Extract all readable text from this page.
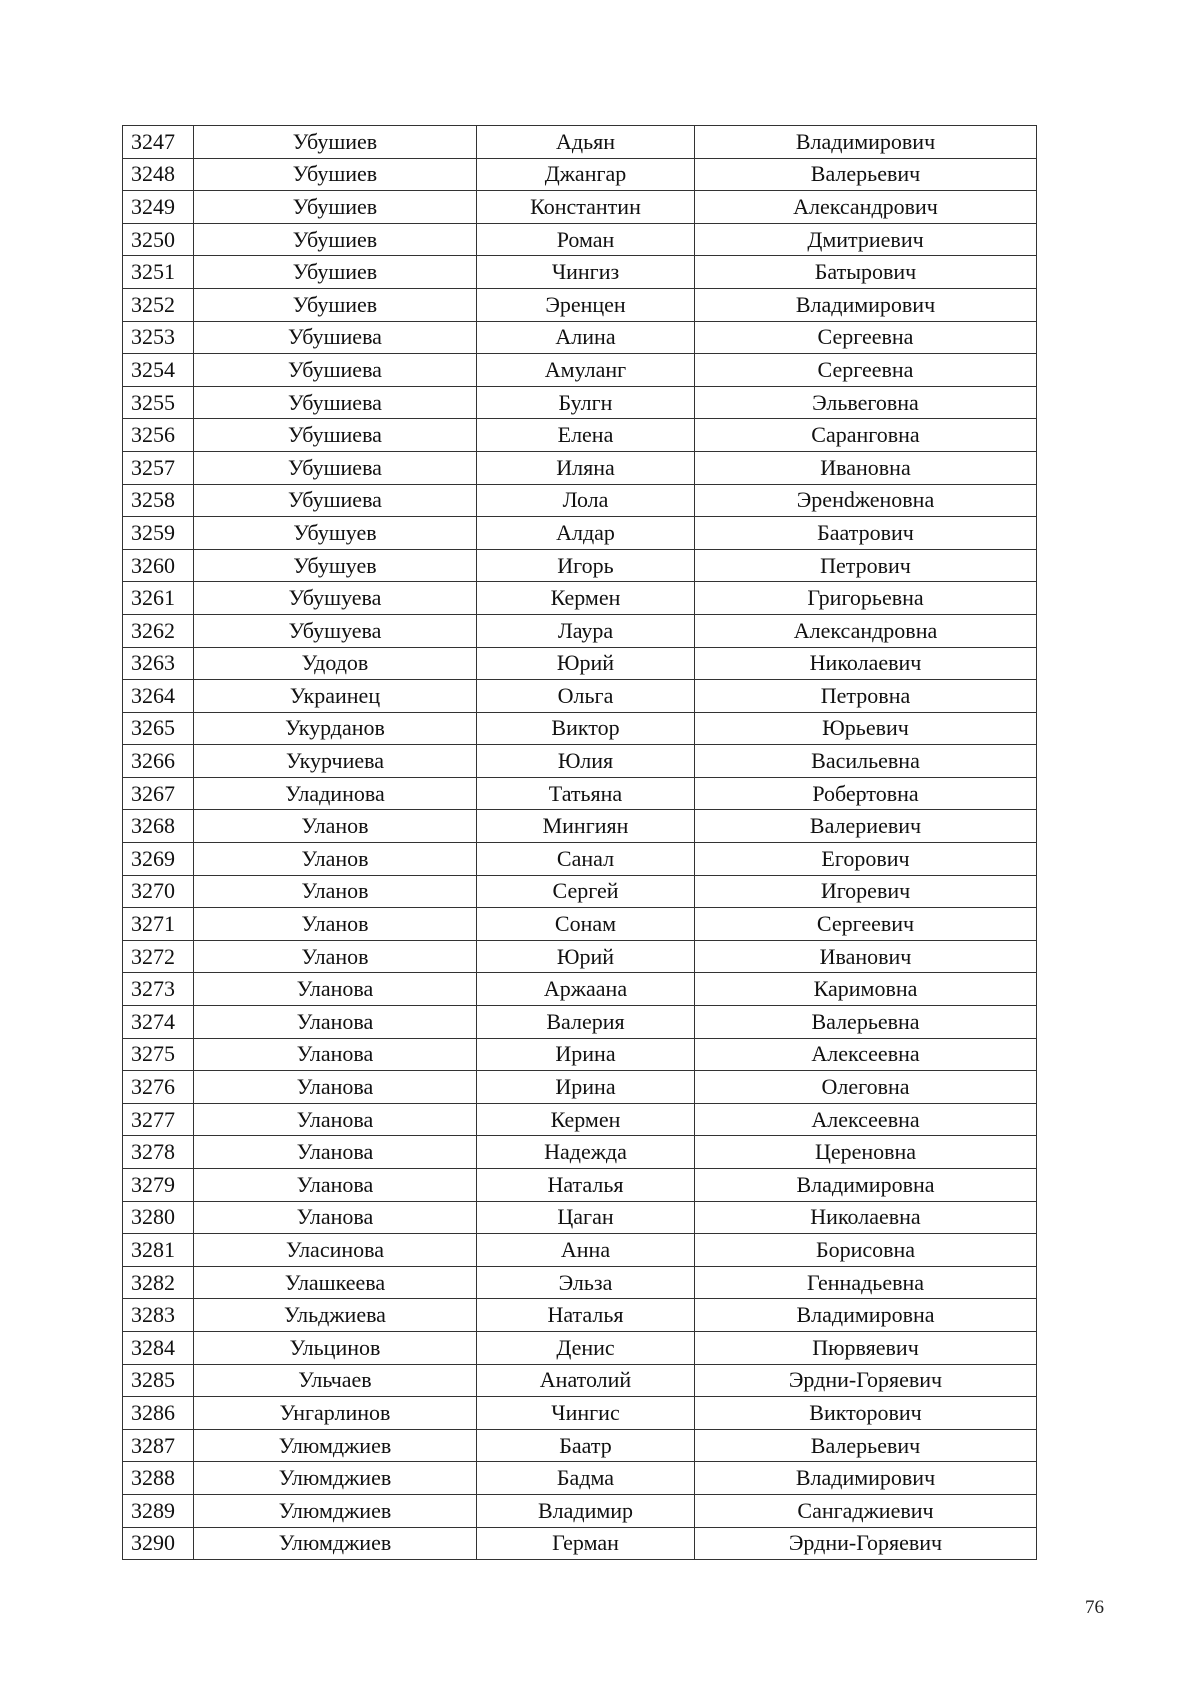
3247	Убушиев	Адьян	Владимирович
3248	Убушиев	Джангар	Валерьевич
3249	Убушиев	Константин	Александрович
3250	Убушиев	Роман	Дмитриевич
3251	Убушиев	Чингиз	Батырович
3252	Убушиев	Эренцен	Владимирович
3253	Убушиева	Алина	Сергеевна
3254	Убушиева	Амуланг	Сергеевна
3255	Убушиева	Булгн	Эльвеговна
3256	Убушиева	Елена	Саранговна
3257	Убушиева	Иляна	Ивановна
3258	Убушиева	Лола	Эренdженовна
3259	Убушуев	Алдар	Баатрович
3260	Убушуев	Игорь	Петрович
3261	Убушуева	Кермен	Григорьевна
3262	Убушуева	Лаура	Александровна
3263	Удодов	Юрий	Николаевич
3264	Украинец	Ольга	Петровна
3265	Укурданов	Виктор	Юрьевич
3266	Укурчиева	Юлия	Васильевна
3267	Уладинова	Татьяна	Робертовна
3268	Уланов	Мингиян	Валериевич
3269	Уланов	Санал	Егорович
3270	Уланов	Сергей	Игоревич
3271	Уланов	Сонам	Сергеевич
3272	Уланов	Юрий	Иванович
3273	Уланова	Аржаана	Каримовна
3274	Уланова	Валерия	Валерьевна
3275	Уланова	Ирина	Алексеевна
3276	Уланова	Ирина	Олеговна
3277	Уланова	Кермен	Алексеевна
3278	Уланова	Надежда	Цереновна
3279	Уланова	Наталья	Владимировна
3280	Уланова	Цаган	Николаевна
3281	Уласинова	Анна	Борисовна
3282	Улашкеева	Эльза	Геннадьевна
3283	Ульджиева	Наталья	Владимировна
3284	Ульцинов	Денис	Пюрвяевич
3285	Ульчаев	Анатолий	Эрдни-Горяевич
3286	Унгарлинов	Чингис	Викторович
3287	Улюмджиев	Баатр	Валерьевич
3288	Улюмджиев	Бадма	Владимирович
3289	Улюмджиев	Владимир	Сангаджиевич
3290	Улюмджиев	Герман	Эрдни-Горяевич
76
